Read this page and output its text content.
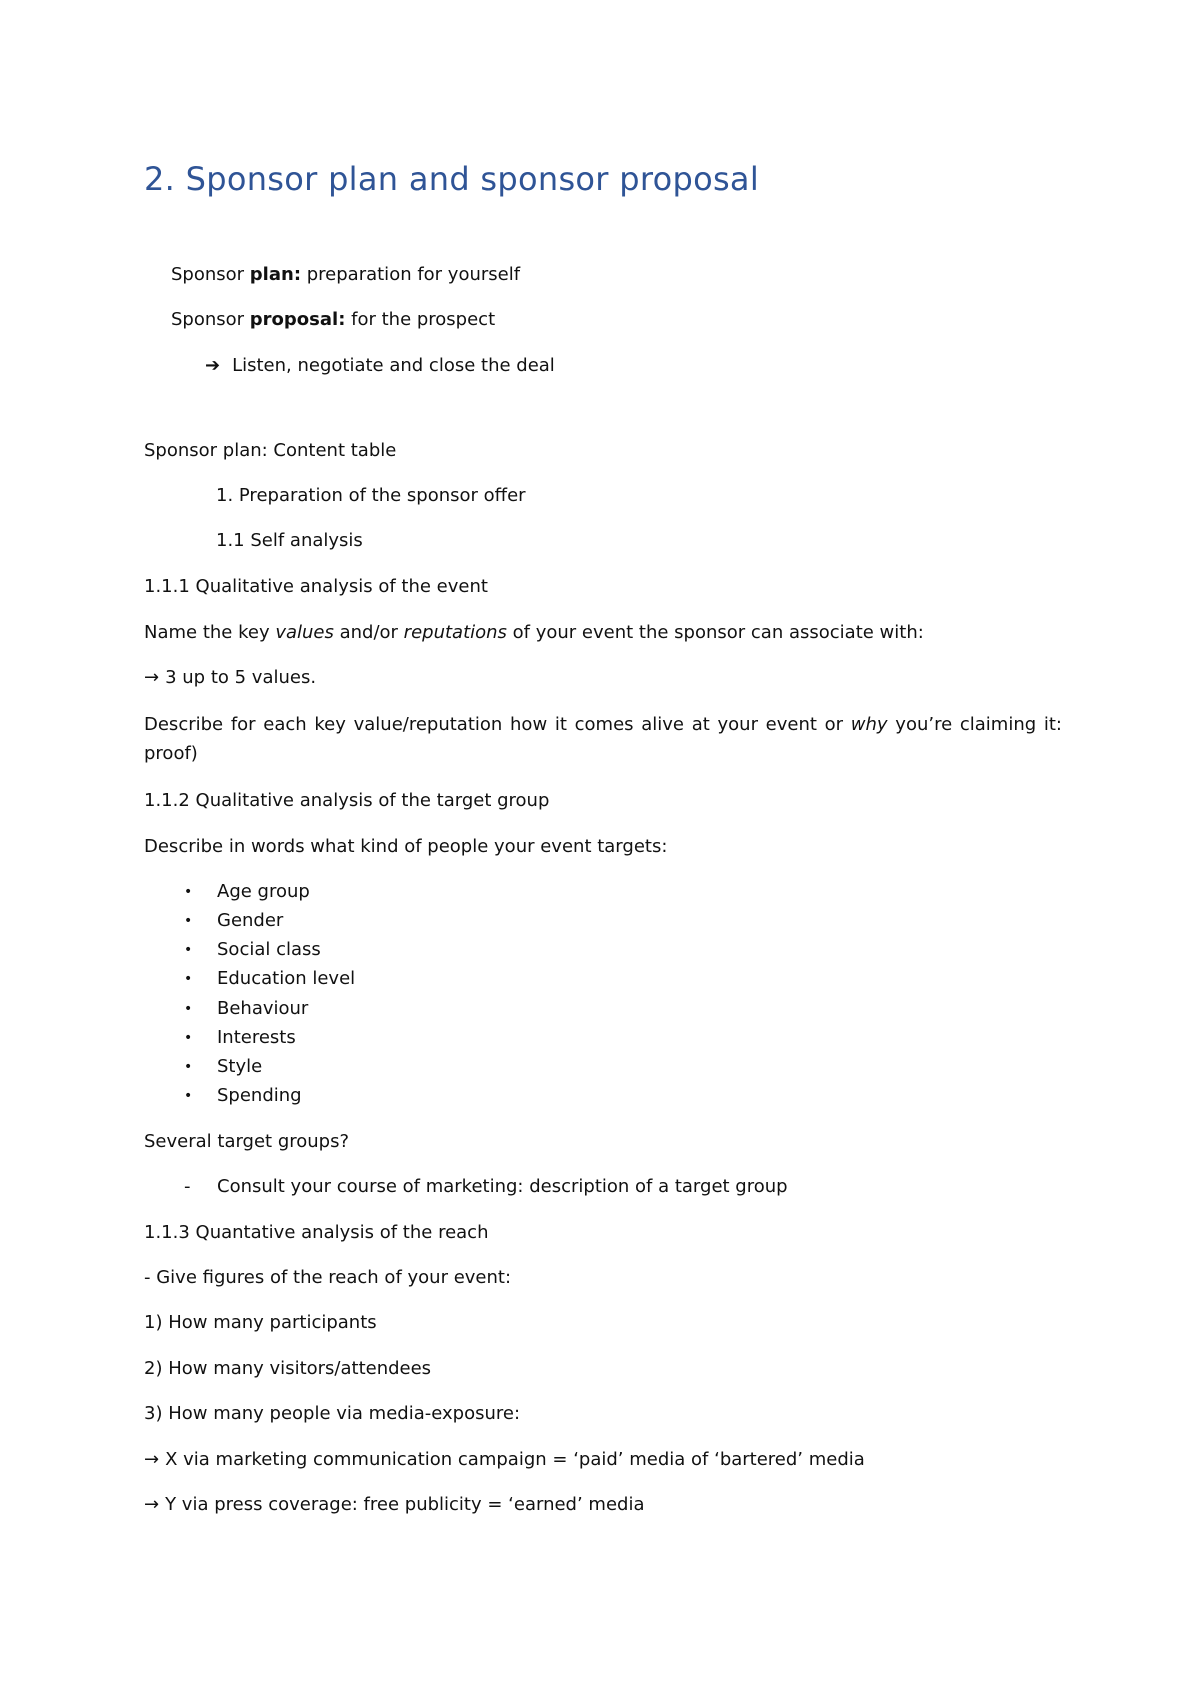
2. Sponsor plan and sponsor proposal
Sponsor plan: preparation for yourself
Sponsor proposal: for the prospect
➔ Listen, negotiate and close the deal
Sponsor plan: Content table
1. Preparation of the sponsor offer
1.1 Self analysis
1.1.1 Qualitative analysis of the event
Name the key values and/or reputations of your event the sponsor can associate with:
→ 3 up to 5 values.
Describe for each key value/reputation how it comes alive at your event or why you’re claiming it: proof)
1.1.2 Qualitative analysis of the target group
Describe in words what kind of people your event targets:
• Age group
• Gender
• Social class
• Education level
• Behaviour
• Interests
• Style
• Spending
Several target groups?
- Consult your course of marketing: description of a target group
1.1.3 Quantative analysis of the reach
- Give figures of the reach of your event:
1) How many participants
2) How many visitors/attendees
3) How many people via media-exposure:
→ X via marketing communication campaign = ‘paid’ media of ‘bartered’ media
→ Y via press coverage: free publicity = ‘earned’ media
